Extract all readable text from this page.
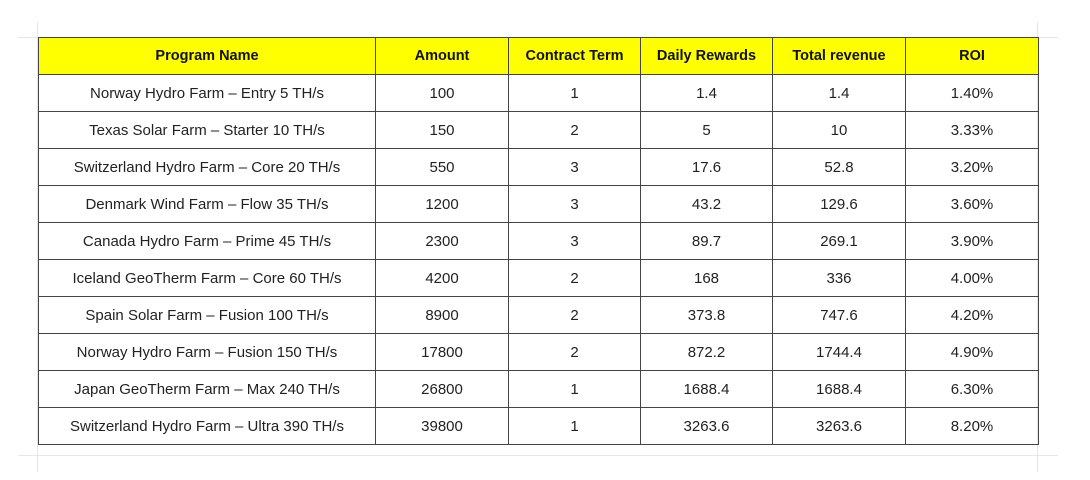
Program Name	Amount	Contract Term	Daily Rewards	Total revenue	ROI
Norway Hydro Farm – Entry 5 TH/s	100	1	1.4	1.4	1.40%
Texas Solar Farm – Starter 10 TH/s	150	2	5	10	3.33%
Switzerland Hydro Farm – Core 20 TH/s	550	3	17.6	52.8	3.20%
Denmark Wind Farm – Flow 35 TH/s	1200	3	43.2	129.6	3.60%
Canada Hydro Farm – Prime 45 TH/s	2300	3	89.7	269.1	3.90%
Iceland GeoTherm Farm – Core 60 TH/s	4200	2	168	336	4.00%
Spain Solar Farm – Fusion 100 TH/s	8900	2	373.8	747.6	4.20%
Norway Hydro Farm – Fusion 150 TH/s	17800	2	872.2	1744.4	4.90%
Japan GeoTherm Farm – Max 240 TH/s	26800	1	1688.4	1688.4	6.30%
Switzerland Hydro Farm – Ultra 390 TH/s	39800	1	3263.6	3263.6	8.20%
